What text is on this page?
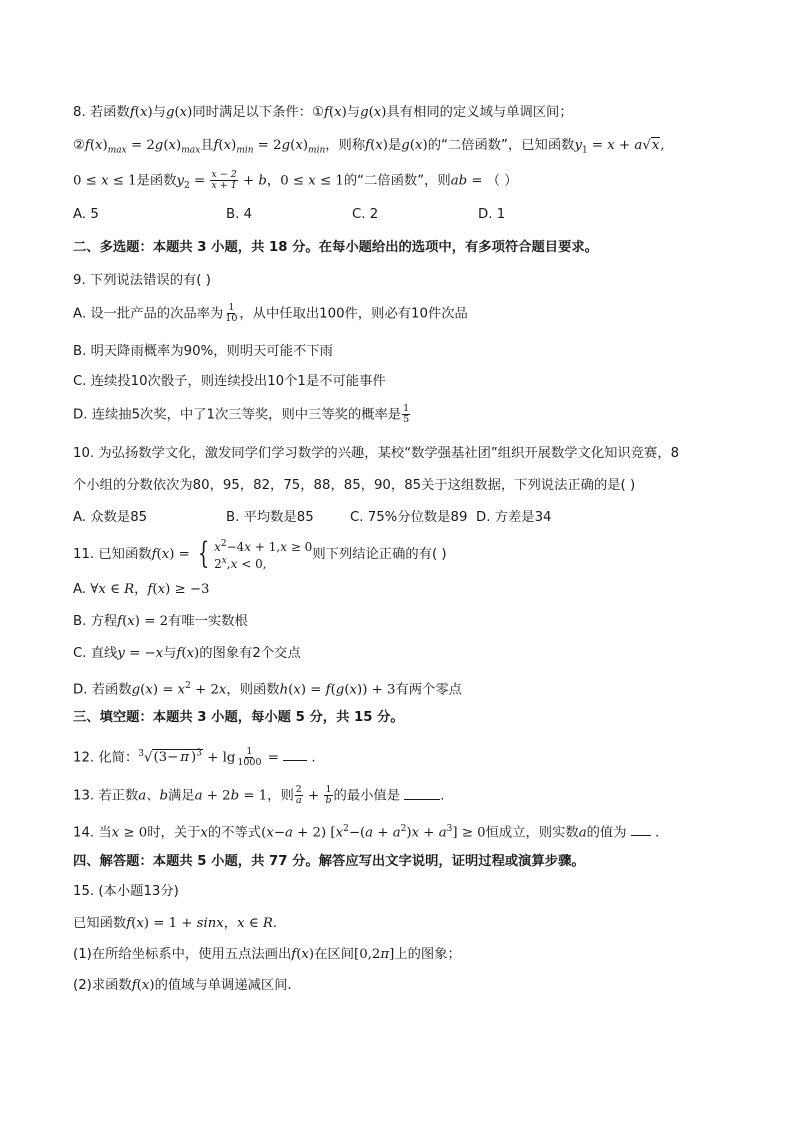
8. 若函数f(x)与g(x)同时满足以下条件：①f(x)与g(x)具有相同的定义域与单调区间；
$②f(x)_{max} = 2g(x)_{max}$且$f(x)_{min} = 2g(x)_{min}$，则称f(x)是g(x)的“二倍函数”，已知函数$y_1 = x + a√x$,
0 ≤ x ≤ 1是函数$y_2 = \frac{x - 2}{x + 1} + b$，0 ≤ x ≤ 1的“二倍函数”，则ab = （ ）
A. 5	B. 4	C. 2	D. 1
二、多选题：本题共 3 小题，共 18 分。在每小题给出的选项中，有多项符合题目要求。
9. 下列说法错误的有( )
A. 设一批产品的次品率为 $\frac{1}{10}$ ，从中任取出100件，则必有10件次品
B. 明天降雨概率为90%，则明天可能不下雨
C. 连续投10次骰子，则连续投出10个1是不可能事件
D. 连续抽5次奖，中了1次三等奖，则中三等奖的概率是 $\frac{1}{5}$
10. 为弘扬数学文化，激发同学们学习数学的兴趣，某校“数学强基社团”组织开展数学文化知识竞赛，8
个小组的分数依次为80，95，82，75，88，85，90，85关于这组数据，下列说法正确的是( )
A. 众数是85	B. 平均数是85	C. 75%分位数是89 D. 方差是34
11. 已知函数f(x) = { $x^2-4x + 1,x \ge 0$
$2^x,x < 0$,
则下列结论正确的有( )
A. ∀x ∈ R，f(x) ≥ −3
B. 方程f(x) = 2有唯一实数根
C. 直线y = −x与f(x)的图象有2个交点
D. 若函数$g(x) = x^2 + 2x$，则函数h(x) = f(g(x)) + 3有两个零点
三、填空题：本题共 3 小题，每小题 5 分，共 15 分。
12. 化简：$^3$√(3− π )$^3 + \lg \frac{1}{1000}$ =  .
13. 若正数a、b满足a + 2b = 1，则 $\frac{2}{a} + \frac{1}{b}$ 的最小值是	.
14. 当x ≥ 0时，关于x的不等式(x−a + 2) $[x^2-(a + a^2)x + a^3] \ge 0$恒成立，则实数a的值为  .
四、解答题：本题共 5 小题，共 77 分。解答应写出文字说明，证明过程或演算步骤。
15. (本小题13分)
已知函数f(x) = 1 + sinx，x ∈ R.
(1)在所给坐标系中，使用五点法画出f(x)在区间[0,2π]上的图象；
(2)求函数f(x)的值域与单调递减区间.
